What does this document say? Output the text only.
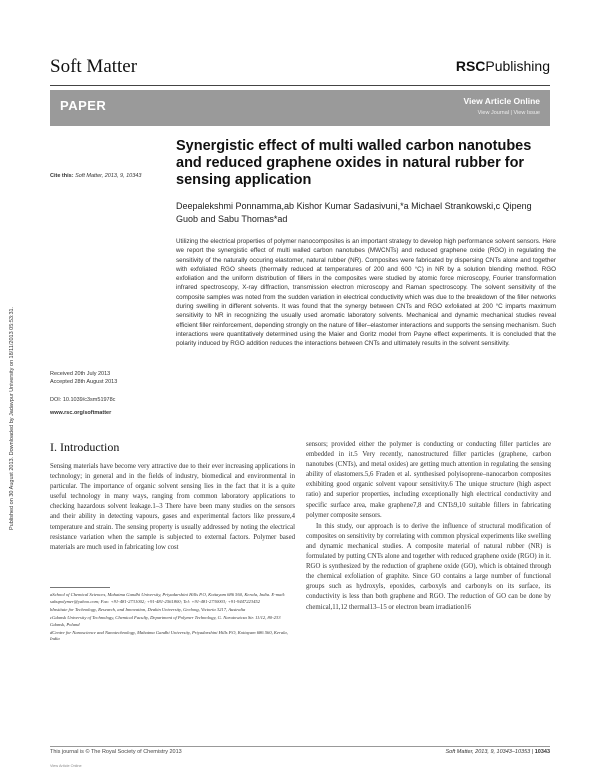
Soft Matter	RSCPublishing
PAPER	View Article Online
View Journal | View Issue
Published on 30 August 2013. Downloaded by Jadavpur University on 18/11/2013 05:53:31.
Cite this: Soft Matter, 2013, 9, 10343
Synergistic effect of multi walled carbon nanotubes and reduced graphene oxides in natural rubber for sensing application
Deepalekshmi Ponnamma,ab Kishor Kumar Sadasivuni,*a Michael Strankowski,c Qipeng Guob and Sabu Thomas*ad
Utilizing the electrical properties of polymer nanocomposites is an important strategy to develop high performance solvent sensors. Here we report the synergistic effect of multi walled carbon nanotubes (MWCNTs) and reduced graphene oxide (RGO) in regulating the sensitivity of the naturally occuring elastomer, natural rubber (NR). Composites were fabricated by dispersing CNTs alone and together with exfoliated RGO sheets (thermally reduced at temperatures of 200 and 600 °C) in NR by a solution blending method. RGO exfoliation and the uniform distribution of fillers in the composites were studied by atomic force microscopy, Fourier transformation infrared spectroscopy, X-ray diffraction, transmission electron microscopy and Raman spectroscopy. The solvent sensitivity of the composite samples was noted from the sudden variation in electrical conductivity which was due to the breakdown of the filler networks during swelling in different solvents. It was found that the synergy between CNTs and RGO exfoliated at 200 °C imparts maximum sensitivity to NR in recognizing the usually used aromatic laboratory solvents. Mechanical and dynamic mechanical studies reveal efficient filler reinforcement, depending strongly on the nature of filler–elastomer interactions and supports the sensing mechanism. Such interactions were quantitatively determined using the Maier and Goritz model from Payne effect experiments. It is concluded that the polarity induced by RGO addition reduces the interactions between CNTs and ultimately results in the solvent sensitivity.
Received 20th July 2013
Accepted 28th August 2013
DOI: 10.1039/c3sm51978c
www.rsc.org/softmatter
I. Introduction
Sensing materials have become very attractive due to their ever increasing applications in technology; in general and in the fields of industry, biomedical and environmental in particular. The importance of organic solvent sensing lies in the fact that it is a quite useful technology in many ways, ranging from common laboratory applications to checking hazardous solvent leakage.1–3 There have been many studies on the sensors and their ability in detecting vapours, gases and experimental factors like pressure,4 temperature and strain. The sensing property is usually addressed by noting the electrical resistance variation when the sample is subjected to external factors. Polymer based materials are much used in fabricating low cost
sensors; provided either the polymer is conducting or conducting filler particles are embedded in it.5 Very recently, nanostructured filler particles (graphene, carbon nanotubes (CNTs), and metal oxides) are getting much attention in regulating the sensing ability of elastomers.5,6 Fraden et al. synthesised polyisoprene–nanocarbon composites exhibiting good organic solvent vapour sensitivity.6 The unique structure (high aspect ratio) and superior properties, including exceptionally high electrical conductivity and specific surface area, make graphene7,8 and CNTs9,10 suitable fillers in fabricating polymer composite sensors.
In this study, our approach is to derive the influence of structural modification of composites on sensitivity by correlating with common physical experiments like swelling and dynamic mechanical studies. A composite material of natural rubber (NR) is formulated by putting CNTs alone and together with reduced graphene oxide (RGO) in it. RGO is synthesized by the reduction of graphene oxide (GO), which is obtained through the chemical exfoliation of graphite. Since GO contains a large number of functional groups such as hydroxyls, epoxides, carboxyls and carbonyls on its surface, its conductivity is less than both graphene and RGO. The reduction of GO can be done by chemical,11,12 thermal13–15 or electron beam irradiation16

aSchool of Chemical Sciences, Mahatma Gandhi University, Priyadarshini Hills P.O, Kottayam 686 560, Kerala, India. E-mail: sabupolymer@yahoo.com; Fax: +91-481-2731002; +91-481-2561800; Tel: +91-481-2730003; +91-9447223452

bInstitute for Technology, Research, and Innovation, Deakin University, Geelong, Victoria 3217, Australia

cGdansk University of Technology, Chemical Faculty, Department of Polymer Technology, G. Narutowicza Str. 11/12, 80-233 Gdansk, Poland

dCentre for Nanoscience and Nanotechnology, Mahatma Gandhi University, Priyadarshini Hills P.O, Kottayam 686 560, Kerala, India

This journal is © The Royal Society of Chemistry 2013	Soft Matter, 2013, 9, 10343–10353 | 10343
View Article Online
